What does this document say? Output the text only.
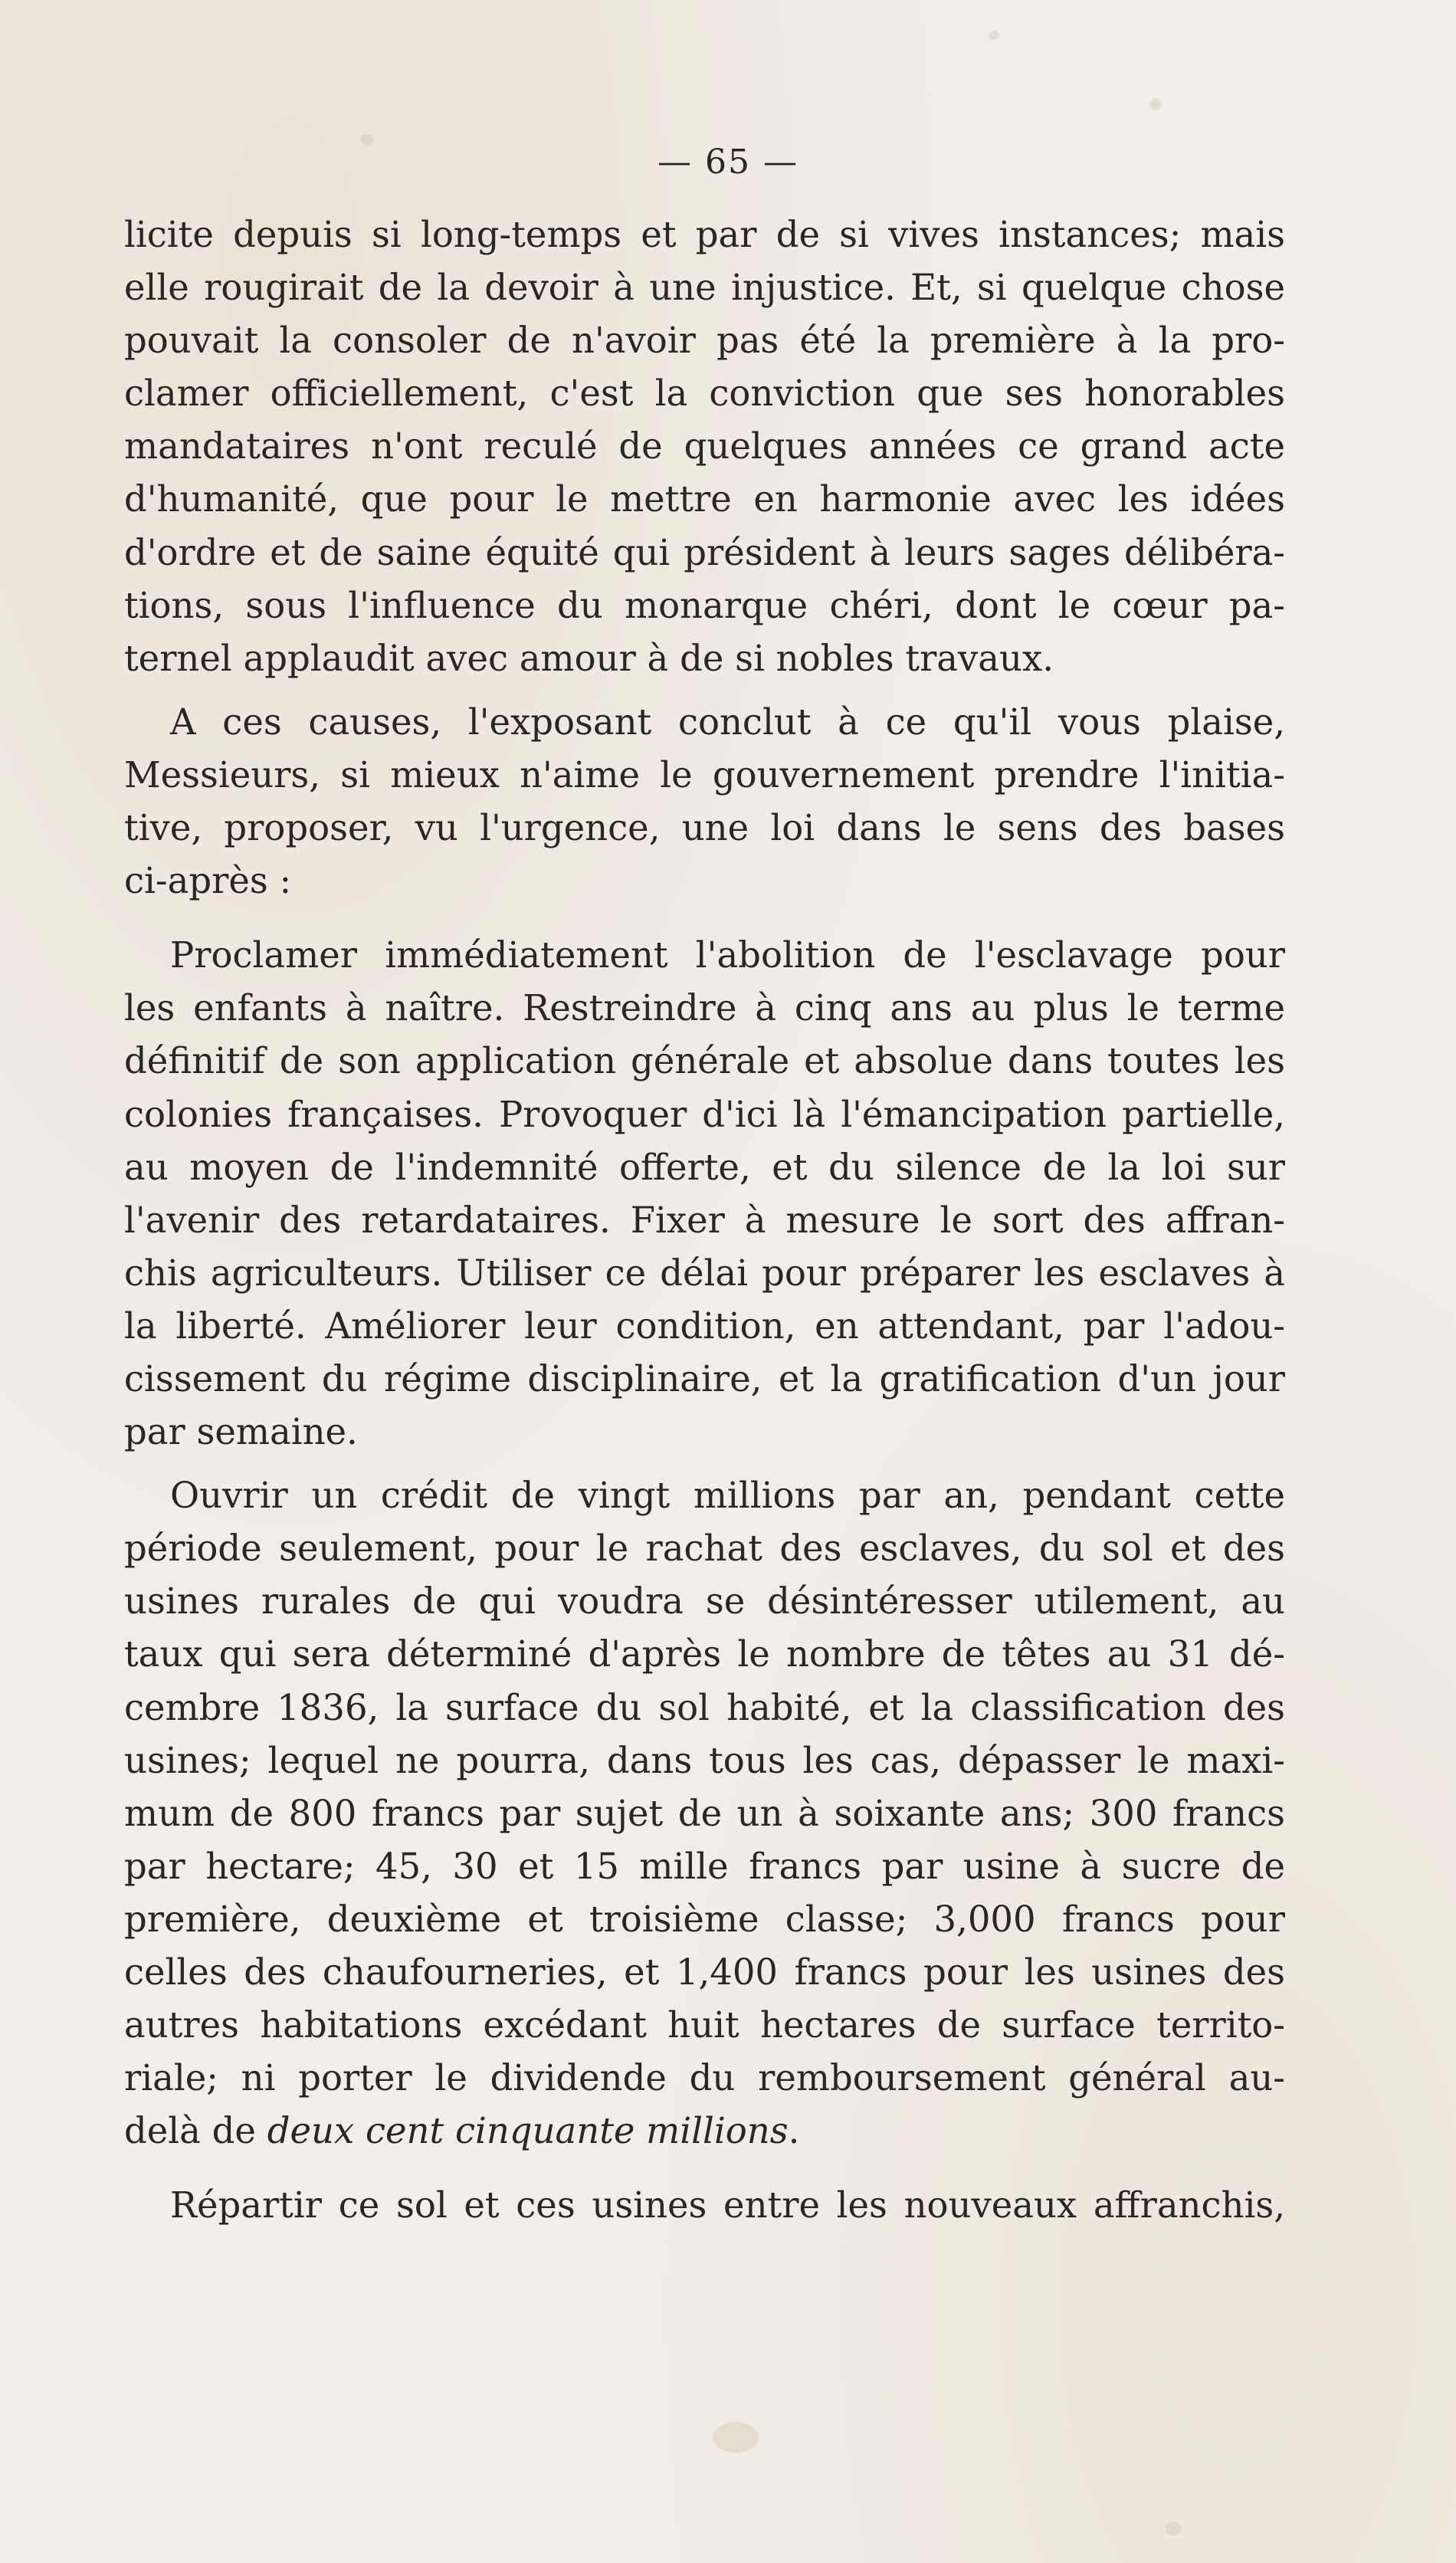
— 65 —
licite depuis si long-temps et par de si vives instances; mais
elle rougirait de la devoir à une injustice. Et, si quelque chose
pouvait la consoler de n'avoir pas été la première à la pro-
clamer officiellement, c'est la conviction que ses honorables
mandataires n'ont reculé de quelques années ce grand acte
d'humanité, que pour le mettre en harmonie avec les idées
d'ordre et de saine équité qui président à leurs sages délibéra-
tions, sous l'influence du monarque chéri, dont le cœur pa-
ternel applaudit avec amour à de si nobles travaux.
A ces causes, l'exposant conclut à ce qu'il vous plaise,
Messieurs, si mieux n'aime le gouvernement prendre l'initia-
tive, proposer, vu l'urgence, une loi dans le sens des bases
ci-après :
Proclamer immédiatement l'abolition de l'esclavage pour
les enfants à naître. Restreindre à cinq ans au plus le terme
définitif de son application générale et absolue dans toutes les
colonies françaises. Provoquer d'ici là l'émancipation partielle,
au moyen de l'indemnité offerte, et du silence de la loi sur
l'avenir des retardataires. Fixer à mesure le sort des affran-
chis agriculteurs. Utiliser ce délai pour préparer les esclaves à
la liberté. Améliorer leur condition, en attendant, par l'adou-
cissement du régime disciplinaire, et la gratification d'un jour
par semaine.
Ouvrir un crédit de vingt millions par an, pendant cette
période seulement, pour le rachat des esclaves, du sol et des
usines rurales de qui voudra se désintéresser utilement, au
taux qui sera déterminé d'après le nombre de têtes au 31 dé-
cembre 1836, la surface du sol habité, et la classification des
usines; lequel ne pourra, dans tous les cas, dépasser le maxi-
mum de 800 francs par sujet de un à soixante ans; 300 francs
par hectare; 45, 30 et 15 mille francs par usine à sucre de
première, deuxième et troisième classe; 3,000 francs pour
celles des chaufourneries, et 1,400 francs pour les usines des
autres habitations excédant huit hectares de surface territo-
riale; ni porter le dividende du remboursement général au-
delà de deux cent cinquante millions.
Répartir ce sol et ces usines entre les nouveaux affranchis,
